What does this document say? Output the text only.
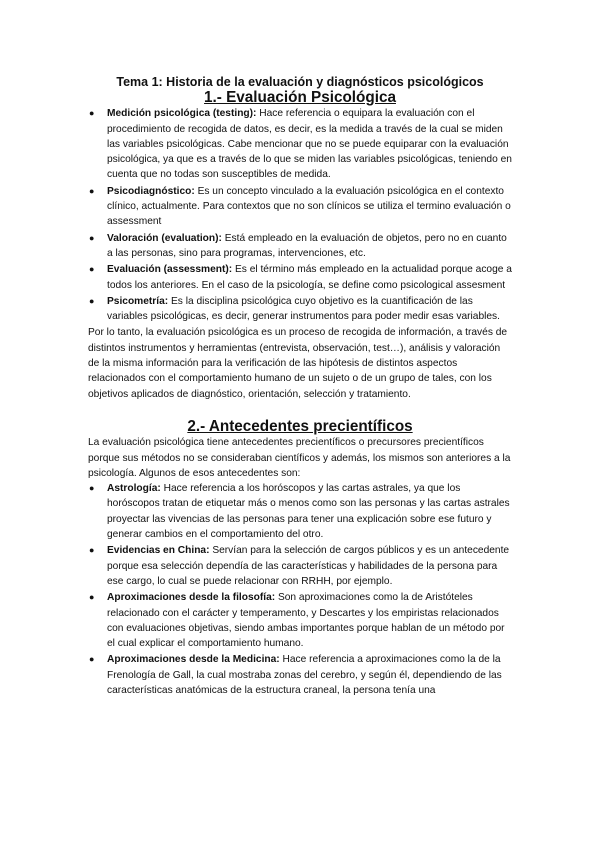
Tema 1: Historia de la evaluación y diagnósticos psicológicos
1.- Evaluación Psicológica
● Medición psicológica (testing): Hace referencia o equipara la evaluación con el procedimiento de recogida de datos, es decir, es la medida a través de la cual se miden las variables psicológicas. Cabe mencionar que no se puede equiparar con la evaluación psicológica, ya que es a través de lo que se miden las variables psicológicas, teniendo en cuenta que no todas son susceptibles de medida.
● Psicodiagnóstico: Es un concepto vinculado a la evaluación psicológica en el contexto clínico, actualmente. Para contextos que no son clínicos se utiliza el termino evaluación o assessment
● Valoración (evaluation): Está empleado en la evaluación de objetos, pero no en cuanto a las personas, sino para programas, intervenciones, etc.
● Evaluación (assessment): Es el término más empleado en la actualidad porque acoge a todos los anteriores. En el caso de la psicología, se define como psicological assesment
● Psicometría: Es la disciplina psicológica cuyo objetivo es la cuantificación de las variables psicológicas, es decir, generar instrumentos para poder medir esas variables.

Por lo tanto, la evaluación psicológica es un proceso de recogida de información, a través de distintos instrumentos y herramientas (entrevista, observación, test…), análisis y valoración de la misma información para la verificación de las hipótesis de distintos aspectos relacionados con el comportamiento humano de un sujeto o de un grupo de tales, con los objetivos aplicados de diagnóstico, orientación, selección y tratamiento.

2.- Antecedentes precientíficos

La evaluación psicológica tiene antecedentes precientíficos o precursores precientíficos porque sus métodos no se consideraban científicos y además, los mismos son anteriores a la psicología. Algunos de esos antecedentes son:

● Astrología: Hace referencia a los horóscopos y las cartas astrales, ya que los horóscopos tratan de etiquetar más o menos como son las personas y las cartas astrales proyectar las vivencias de las personas para tener una explicación sobre ese futuro y generar cambios en el comportamiento del otro.
● Evidencias en China: Servían para la selección de cargos públicos y es un antecedente porque esa selección dependía de las características y habilidades de la persona para ese cargo, lo cual se puede relacionar con RRHH, por ejemplo.
● Aproximaciones desde la filosofía: Son aproximaciones como la de Aristóteles relacionado con el carácter y temperamento, y Descartes y los empiristas relacionados con evaluaciones objetivas, siendo ambas importantes porque hablan de un método por el cual explicar el comportamiento humano.
● Aproximaciones desde la Medicina: Hace referencia a aproximaciones como la de la Frenología de Gall, la cual mostraba zonas del cerebro, y según él, dependiendo de las características anatómicas de la estructura craneal, la persona tenía una
